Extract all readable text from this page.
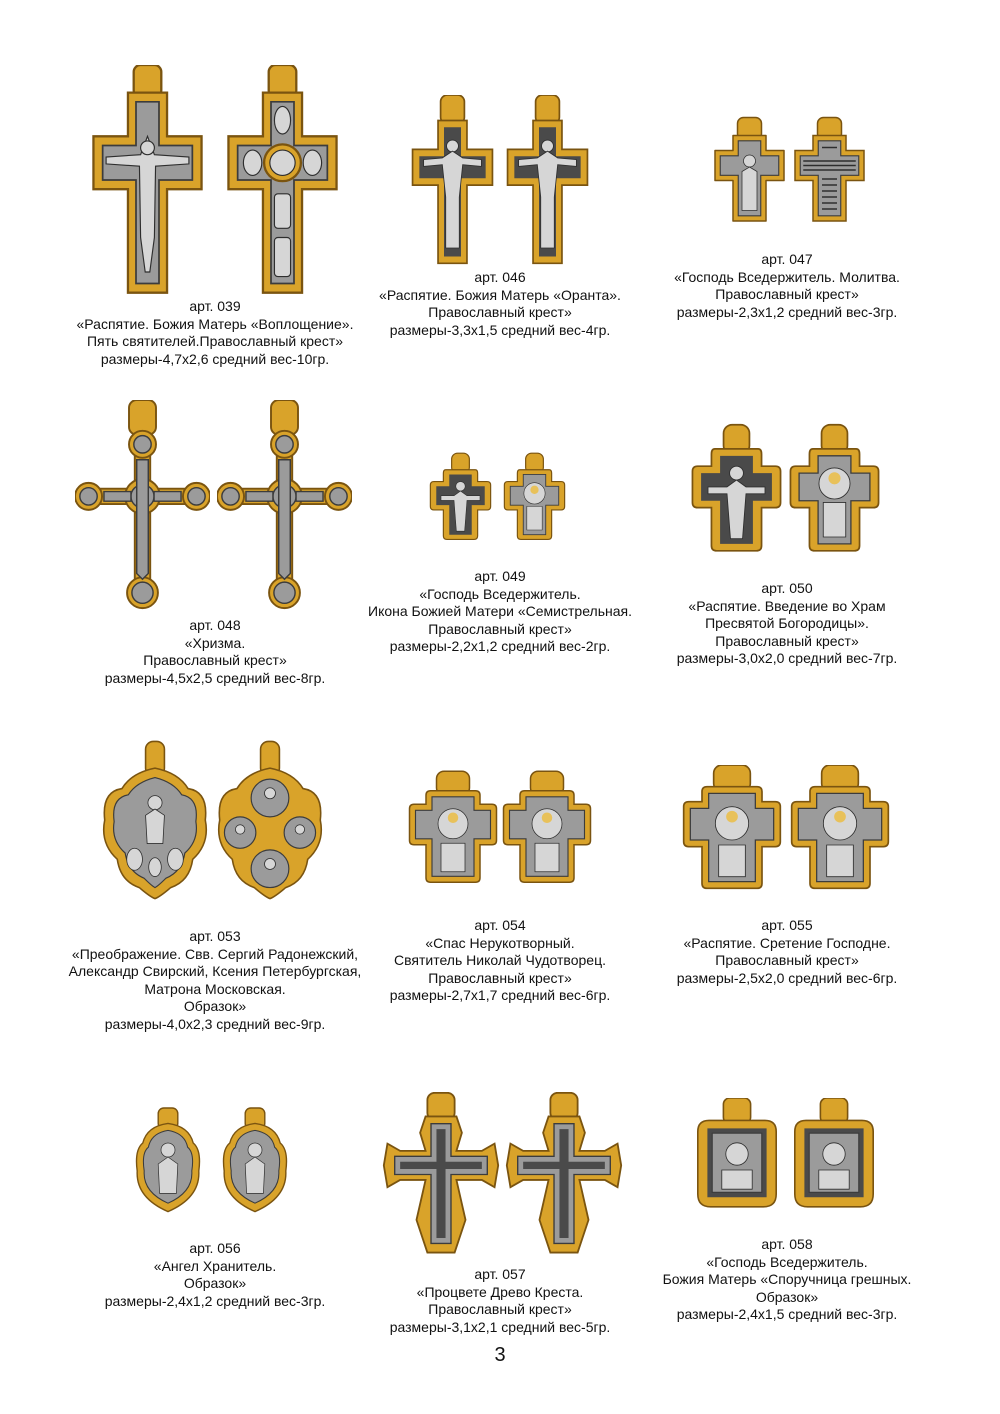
арт. 039
«Распятие. Божия Матерь «Воплощение».
Пять святителей.Православный крест»
размеры-4,7x2,6 средний вес-10гр.
арт. 046
«Распятие. Божия Матерь «Оранта».
Православный крест»
размеры-3,3x1,5 средний вес-4гр.
арт. 047
«Господь Вседержитель. Молитва.
Православный крест»
размеры-2,3x1,2 средний вес-3гр.
арт. 048
«Хризма.
Православный крест»
размеры-4,5x2,5 средний вес-8гр.
арт. 049
«Господь Вседержитель.
Икона Божией Матери «Семистрельная.
Православный крест»
размеры-2,2x1,2 средний вес-2гр.
арт. 050
«Распятие. Введение во Храм
Пресвятой Богородицы».
Православный крест»
размеры-3,0x2,0 средний вес-7гр.
арт. 053
«Преображение. Свв. Сергий Радонежский,
Александр Свирский, Ксения Петербургская,
Матрона Московская.
Образок»
размеры-4,0x2,3 средний вес-9гр.
арт. 054
«Спас Нерукотворный.
Святитель Николай Чудотворец.
Православный крест»
размеры-2,7x1,7 средний вес-6гр.
арт. 055
«Распятие. Сретение Господне.
Православный крест»
размеры-2,5x2,0 средний вес-6гр.
арт. 056
«Ангел Хранитель.
Образок»
размеры-2,4x1,2 средний вес-3гр.
арт. 057
«Процвете Древо Креста.
Православный крест»
размеры-3,1x2,1 средний вес-5гр.
арт. 058
«Господь Вседержитель.
Божия Матерь «Споручница грешных.
Образок»
размеры-2,4x1,5 средний вес-3гр.
3
